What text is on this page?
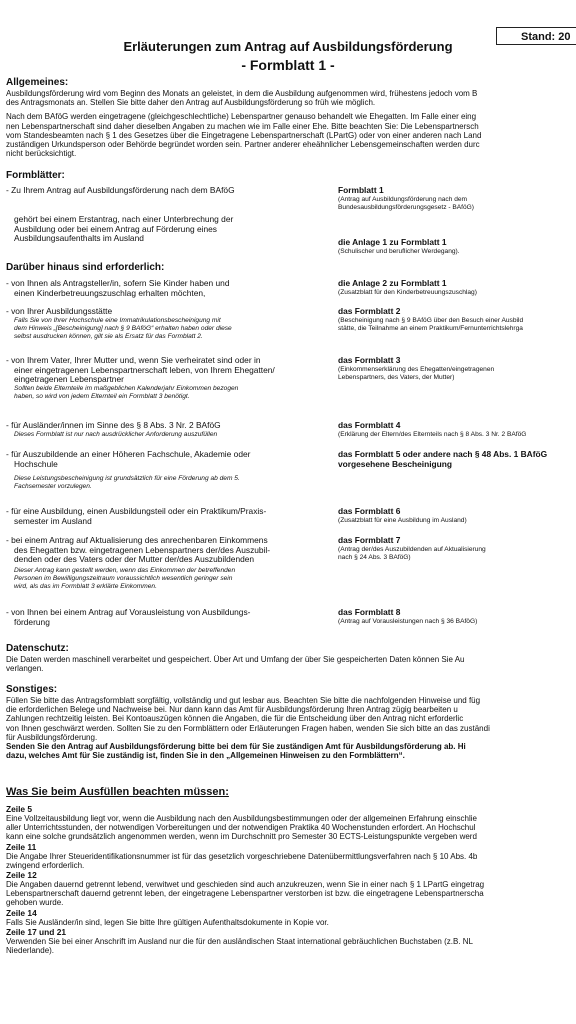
Stand: 20
Erläuterungen zum Antrag auf Ausbildungsförderung
- Formblatt 1 -
Allgemeines:
Ausbildungsförderung wird vom Beginn des Monats an geleistet, in dem die Ausbildung aufgenommen wird, frühestens jedoch vom B
des Antragsmonats an. Stellen Sie bitte daher den Antrag auf Ausbildungsförderung so früh wie möglich.
Nach dem BAföG werden eingetragene (gleichgeschlechtliche) Lebenspartner genauso behandelt wie Ehegatten. Im Falle einer eing
nen Lebenspartnerschaft sind daher dieselben Angaben zu machen wie im Falle einer Ehe. Bitte beachten Sie: Die Lebenspartnersch
vom Standesbeamten nach § 1 des Gesetzes über die Eingetragene Lebenspartnerschaft (LPartG) oder von einer anderen nach Land
zuständigen Urkundsperson oder Behörde begründet worden sein. Partner anderer eheähnlicher Lebensgemeinschaften werden durc
nicht berücksichtigt.
Formblätter:
- Zu Ihrem Antrag auf Ausbildungsförderung nach dem BAföG	Formblatt 1
(Antrag auf Ausbildungsförderung nach dem
Bundesausbildungsförderungsgesetz - BAföG)
gehört bei einem Erstantrag, nach einer Unterbrechung der
Ausbildung oder bei einem Antrag auf Förderung eines
Ausbildungsaufenthalts im Ausland	die Anlage 1 zu Formblatt 1
(Schulischer und beruflicher Werdegang).
Darüber hinaus sind erforderlich:
- von Ihnen als Antragsteller/in, sofern Sie Kinder haben und
einen Kinderbetreuungszuschlag erhalten möchten,
die Anlage 2 zu Formblatt 1
(Zusatzblatt für den Kinderbetreuungszuschlag)
- von Ihrer Ausbildungsstätte
Falls Sie von Ihrer Hochschule eine Immatrikulationsbescheinigung mit
dem Hinweis „[Bescheinigung] nach § 9 BAföG“ erhalten haben oder diese
selbst ausdrucken können, gilt sie als Ersatz für das Formblatt 2.
das Formblatt 2
(Bescheinigung nach § 9 BAföG über den Besuch einer Ausbild
stätte, die Teilnahme an einem Praktikum/Fernunterrichtslehrga
- von Ihrem Vater, Ihrer Mutter und, wenn Sie verheiratet sind oder in
einer eingetragenen Lebenspartnerschaft leben, von Ihrem Ehegatten/
eingetragenen Lebenspartner
Sollten beide Elternteile im maßgeblichen Kalenderjahr Einkommen bezogen
haben, so wird von jedem Elternteil ein Formblatt 3 benötigt.
das Formblatt 3
(Einkommenserklärung des Ehegatten/eingetragenen
Lebenspartners, des Vaters, der Mutter)
- für Ausländer/innen im Sinne des § 8 Abs. 3 Nr. 2 BAföG
Dieses Formblatt ist nur nach ausdrücklicher Anforderung auszufüllen
das Formblatt 4
(Erklärung der Eltern/des Elternteils nach § 8 Abs. 3 Nr. 2 BAföG
- für Auszubildende an einer Höheren Fachschule, Akademie oder
Hochschule
Diese Leistungsbescheinigung ist grundsätzlich für eine Förderung ab dem 5.
Fachsemester vorzulegen.
das Formblatt 5 oder andere nach § 48 Abs. 1 BAföG
vorgesehene Bescheinigung
- für eine Ausbildung, einen Ausbildungsteil oder ein Praktikum/Praxis-
semester im Ausland
das Formblatt 6
(Zusatzblatt für eine Ausbildung im Ausland)
- bei einem Antrag auf Aktualisierung des anrechenbaren Einkommens
des Ehegatten bzw. eingetragenen Lebenspartners der/des Auszubil-
denden oder des Vaters oder der Mutter der/des Auszubildenden
Dieser Antrag kann gestellt werden, wenn das Einkommen der betreffenden
Personen im Bewilligungszeitraum voraussichtlich wesentlich geringer sein
wird, als das im Formblatt 3 erklärte Einkommen.
das Formblatt 7
(Antrag der/des Auszubildenden auf Aktualisierung
nach § 24 Abs. 3 BAföG)
- von Ihnen bei einem Antrag auf Vorausleistung von Ausbildungs-
förderung
das Formblatt 8
(Antrag auf Vorausleistungen nach § 36 BAföG)
Datenschutz:
Die Daten werden maschinell verarbeitet und gespeichert. Über Art und Umfang der über Sie gespeicherten Daten können Sie Au
verlangen.
Sonstiges:
Füllen Sie bitte das Antragsformblatt sorgfältig, vollständig und gut lesbar aus. Beachten Sie bitte die nachfolgenden Hinweise und füg
die erforderlichen Belege und Nachweise bei. Nur dann kann das Amt für Ausbildungsförderung Ihren Antrag zügig bearbeiten u
Zahlungen rechtzeitig leisten. Bei Kontoauszügen können die Angaben, die für die Entscheidung über den Antrag nicht erforderlic
von Ihnen geschwärzt werden. Sollten Sie zu den Formblättern oder Erläuterungen Fragen haben, wenden Sie sich bitte an das zuständi
für Ausbildungsförderung.
Senden Sie den Antrag auf Ausbildungsförderung bitte bei dem für Sie zuständigen Amt für Ausbildungsförderung ab. Hi
dazu, welches Amt für Sie zuständig ist, finden Sie in den „Allgemeinen Hinweisen zu den Formblättern“.
Was Sie beim Ausfüllen beachten müssen:
Zeile 5
Eine Vollzeitausbildung liegt vor, wenn die Ausbildung nach den Ausbildungsbestimmungen oder der allgemeinen Erfahrung einschlie
aller Unterrichtsstunden, der notwendigen Vorbereitungen und der notwendigen Praktika 40 Wochenstunden erfordert. An Hochschul
kann eine solche grundsätzlich angenommen werden, wenn im Durchschnitt pro Semester 30 ECTS-Leistungspunkte vergeben werd
Zeile 11
Die Angabe Ihrer Steueridentifikationsnummer ist für das gesetzlich vorgeschriebene Datenübermittlungsverfahren nach § 10 Abs. 4b
zwingend erforderlich.
Zeile 12
Die Angaben dauernd getrennt lebend, verwitwet und geschieden sind auch anzukreuzen, wenn Sie in einer nach § 1 LPartG eingetrag
Lebenspartnerschaft dauernd getrennt leben, der eingetragene Lebenspartner verstorben ist bzw. die eingetragene Lebenspartnerscha
gehoben wurde.
Zeile 14
Falls Sie Ausländer/in sind, legen Sie bitte Ihre gültigen Aufenthaltsdokumente in Kopie vor.
Zeile 17 und 21
Verwenden Sie bei einer Anschrift im Ausland nur die für den ausländischen Staat international gebräuchlichen Buchstaben (z.B. NL
Niederlande).
